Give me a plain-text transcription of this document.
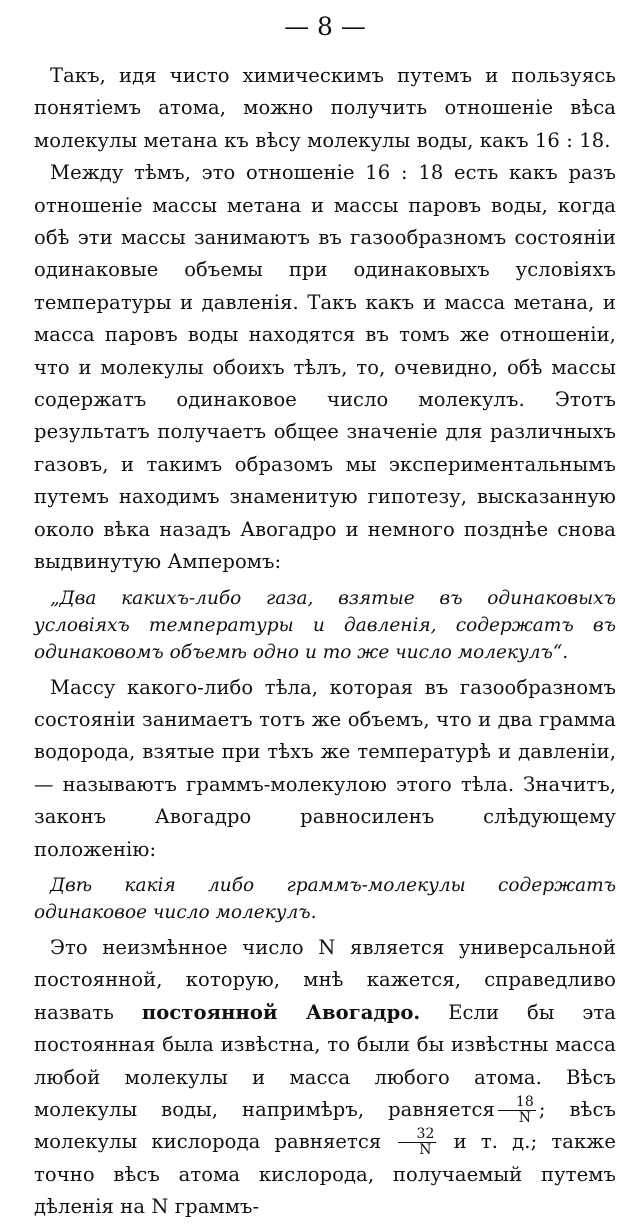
— 8 —

Такъ, идя чисто химическимъ путемъ и пользуясь понятiемъ атома, можно получить отношенiе вѣса молекулы метана къ вѣсу молекулы воды, какъ 16 : 18.

Между тѣмъ, это отношенiе 16 : 18 есть какъ разъ отношенiе массы метана и массы паровъ воды, когда обѣ эти массы занимаютъ въ газообразномъ состоянiи одинаковые объемы при одинаковыхъ условiяхъ температуры и давленiя. Такъ какъ и масса метана, и масса паровъ воды находятся въ томъ же отношенiи, что и молекулы обоихъ тѣлъ, то, очевидно, обѣ массы содержатъ одинаковое число молекулъ. Этотъ результатъ получаетъ общее значенiе для различныхъ газовъ, и такимъ образомъ мы экспериментальнымъ путемъ находимъ знаменитую гипотезу, высказанную около вѣка назадъ Авогадро и немного позднѣе снова выдвинутую Амперомъ:

„Два какихъ-либо газа, взятые въ одинаковыхъ условiяхъ температуры и давленiя, содержатъ въ одинаковомъ объемѣ одно и то же число молекулъ“.

Массу какого-либо тѣла, которая въ газообразномъ состоянiи занимаетъ тотъ же объемъ, что и два грамма водорода, взятые при тѣхъ же температурѣ и давленiи,— называютъ граммъ-молекулою этого тѣла. Значитъ, законъ Авогадро равносиленъ слѣдующему положенiю:

Двѣ какiя либо граммъ-молекулы содержатъ одинаковое число молекулъ.

Это неизмѣнное число N является универсальной постоянной, которую, мнѣ кажется, справедливо назвать постоянной Авогадро. Если бы эта постоянная была извѣстна, то были бы извѣстны масса любой молекулы и масса любого атома. Вѣсъ молекулы воды, напримѣръ, равняется $\frac{18}{N}$ ; вѣсъ молекулы кислорода равняется $\frac{32}{N}$ и т. д.; также точно вѣсъ атома кислорода, получаемый путемъ дѣленiя на N граммъ-
